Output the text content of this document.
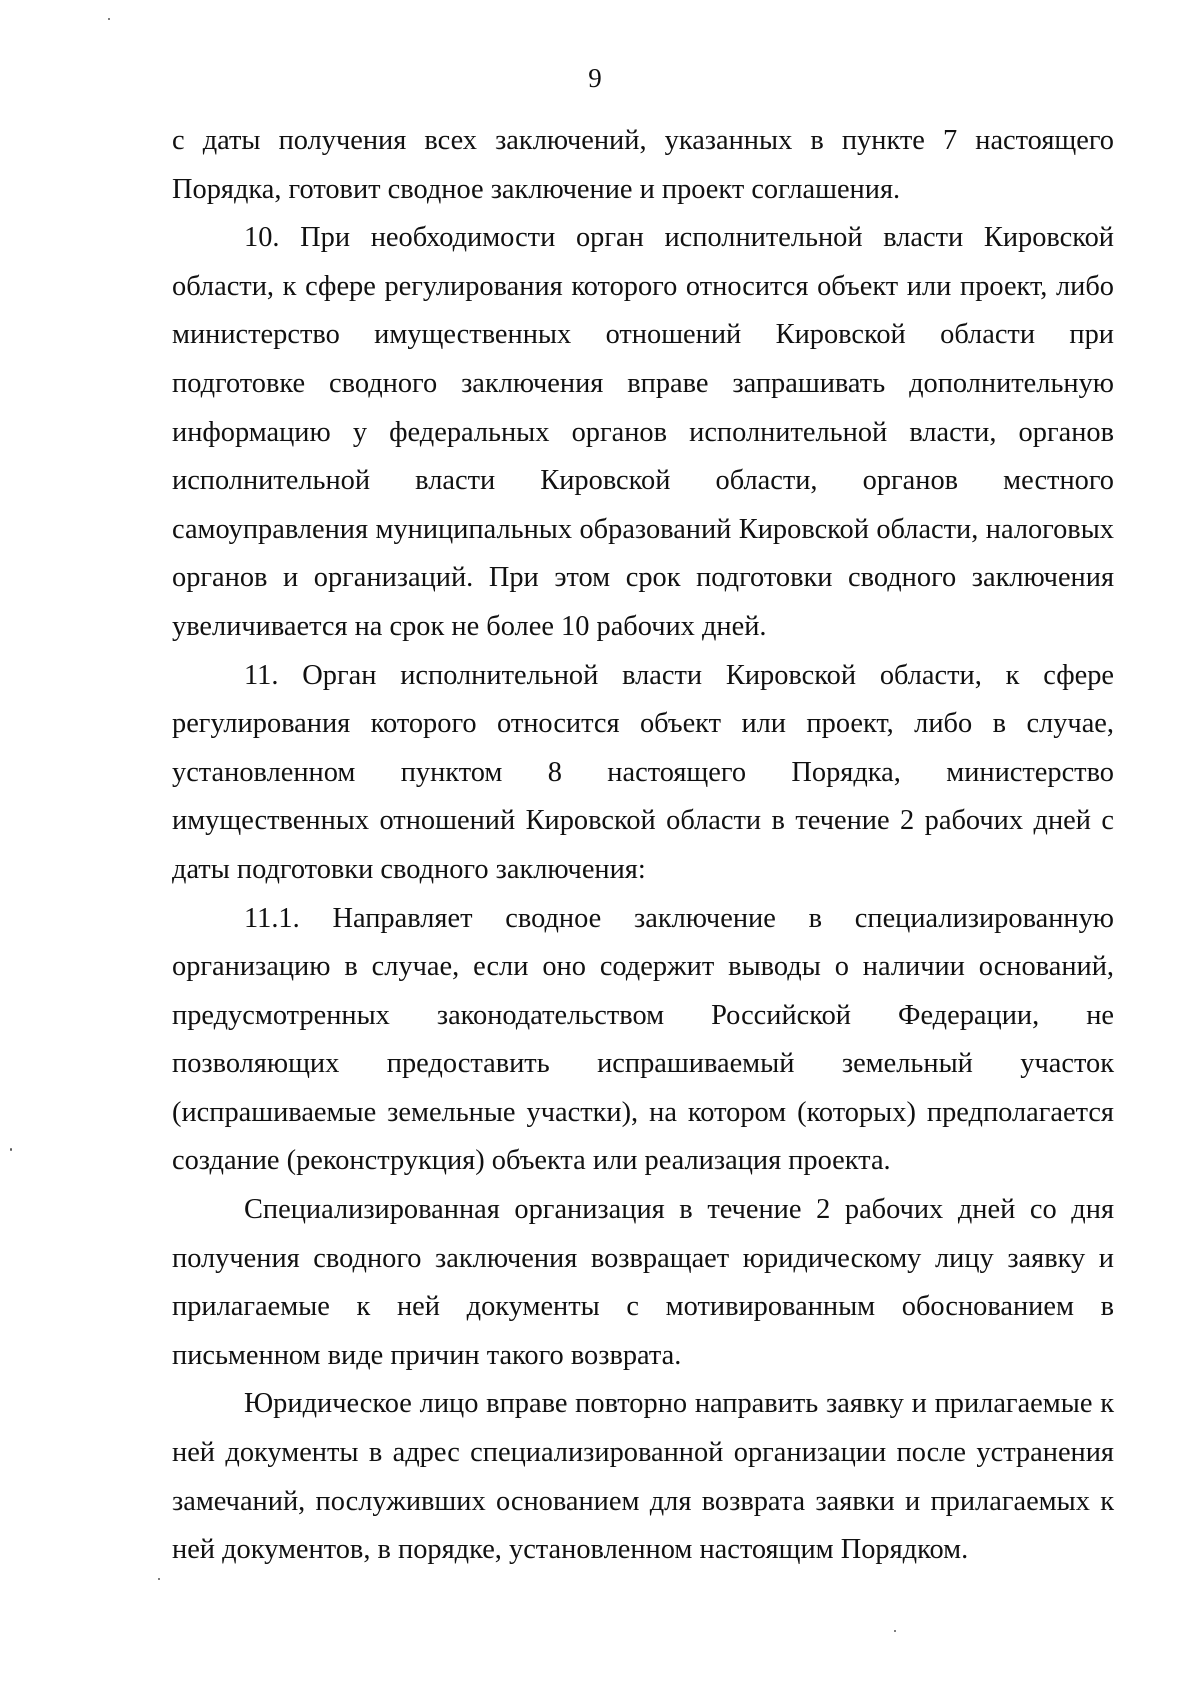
9

с даты получения всех заключений, указанных в пункте 7 настоящего Порядка, готовит сводное заключение и проект соглашения.

10. При необходимости орган исполнительной власти Кировской области, к сфере регулирования которого относится объект или проект, либо министерство имущественных отношений Кировской области при подготовке сводного заключения вправе запрашивать дополнительную информацию у федеральных органов исполнительной власти, органов исполнительной власти Кировской области, органов местного самоуправления муниципальных образований Кировской области, налоговых органов и организаций. При этом срок подготовки сводного заключения увеличивается на срок не более 10 рабочих дней.

11. Орган исполнительной власти Кировской области, к сфере регулирования которого относится объект или проект, либо в случае, установленном пунктом 8 настоящего Порядка, министерство имущественных отношений Кировской области в течение 2 рабочих дней с даты подготовки сводного заключения:

11.1. Направляет сводное заключение в специализированную организацию в случае, если оно содержит выводы о наличии оснований, предусмотренных законодательством Российской Федерации, не позволяющих предоставить испрашиваемый земельный участок (испрашиваемые земельные участки), на котором (которых) предполагается создание (реконструкция) объекта или реализация проекта.

Специализированная организация в течение 2 рабочих дней со дня получения сводного заключения возвращает юридическому лицу заявку и прилагаемые к ней документы с мотивированным обоснованием в письменном виде причин такого возврата.

Юридическое лицо вправе повторно направить заявку и прилагаемые к ней документы в адрес специализированной организации после устранения замечаний, послуживших основанием для возврата заявки и прилагаемых к ней документов, в порядке, установленном настоящим Порядком.
